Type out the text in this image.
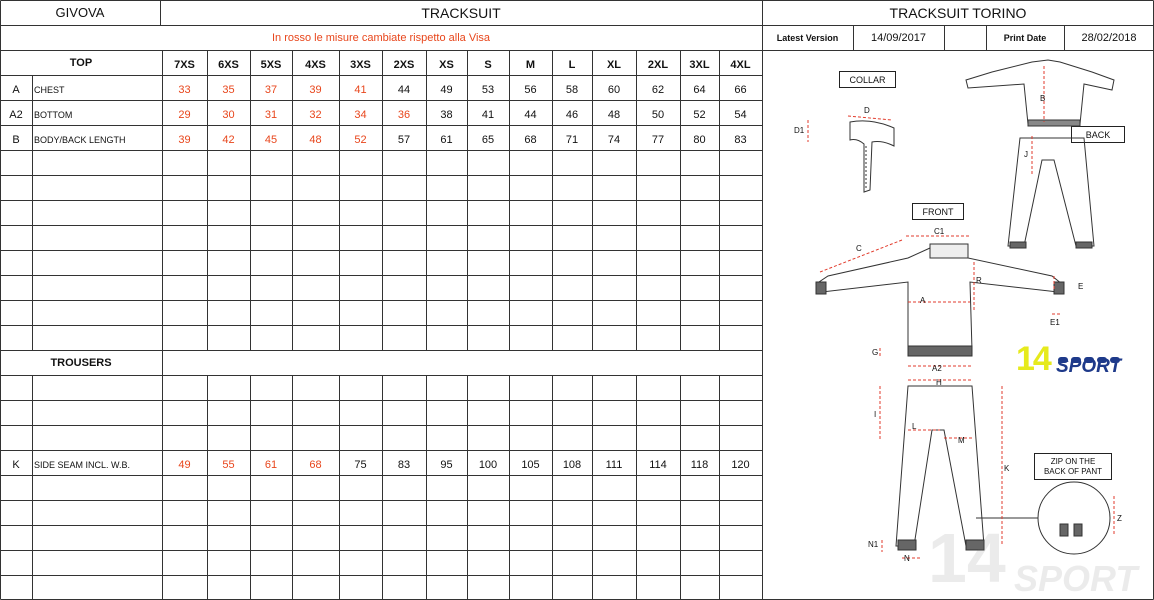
GIVOVA	TRACKSUIT	TRACKSUIT TORINO
In rosso le misure cambiate rispetto alla Visa	Latest Version	14/09/2017	Print Date	28/02/2018
TOP	7XS	6XS	5XS	4XS	3XS	2XS	XS	S	M	L	XL	2XL	3XL	4XL
A	CHEST	33	35	37	39	41	44	49	53	56	58	60	62	64	66
A2	BOTTOM	29	30	31	32	34	36	38	41	44	46	48	50	52	54
B	BODY/BACK LENGTH	39	42	45	48	52	57	61	65	68	71	74	77	80	83
TROUSERS
K	SIDE SEAM INCL. W.B.	49	55	61	68	75	83	95	100	105	108	111	114	118	120
COLLAR
BACK
FRONT
ZIP ON THE
BACK OF PANT
D
D1
B
J
C1
C
R
E
E1
A
G
A2
H
I
L
M
K
Z
N1
N
14 SPORT
14 SPORT
